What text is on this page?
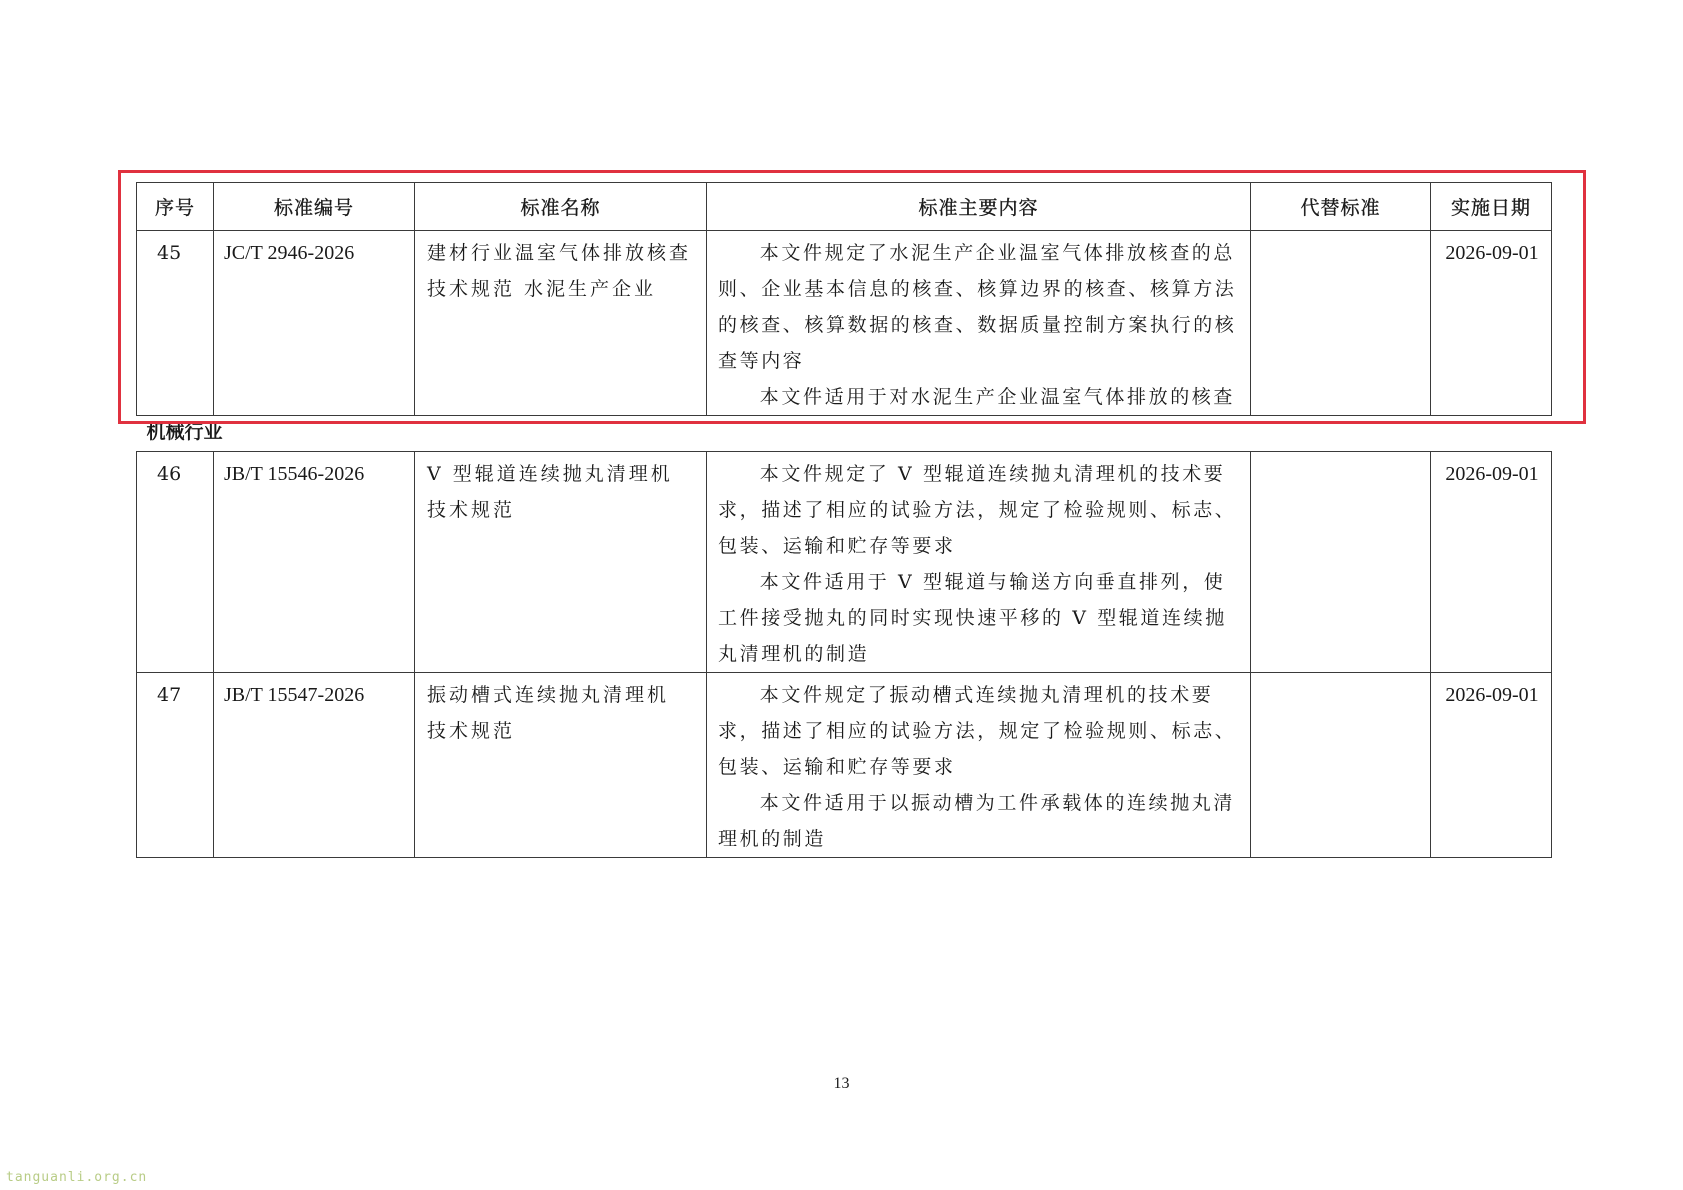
序号	标准编号	标准名称	标准主要内容	代替标准	实施日期
45	JC/T 2946-2026	建材行业温室气体排放核查技术规范 水泥生产企业	本文件规定了水泥生产企业温室气体排放核查的总则、企业基本信息的核查、核算边界的核查、核算方法的核查、核算数据的核查、数据质量控制方案执行的核查等内容
本文件适用于对水泥生产企业温室气体排放的核查		2026-09-01
机械行业					
46	JB/T 15546-2026	V 型辊道连续抛丸清理机 技术规范	本文件规定了 V 型辊道连续抛丸清理机的技术要求，描述了相应的试验方法，规定了检验规则、标志、包装、运输和贮存等要求
本文件适用于 V 型辊道与输送方向垂直排列，使工件接受抛丸的同时实现快速平移的 V 型辊道连续抛丸清理机的制造		2026-09-01
47	JB/T 15547-2026	振动槽式连续抛丸清理机 技术规范	本文件规定了振动槽式连续抛丸清理机的技术要求，描述了相应的试验方法，规定了检验规则、标志、包装、运输和贮存等要求
本文件适用于以振动槽为工件承载体的连续抛丸清理机的制造		2026-09-01
13
tanguanli.org.cn
